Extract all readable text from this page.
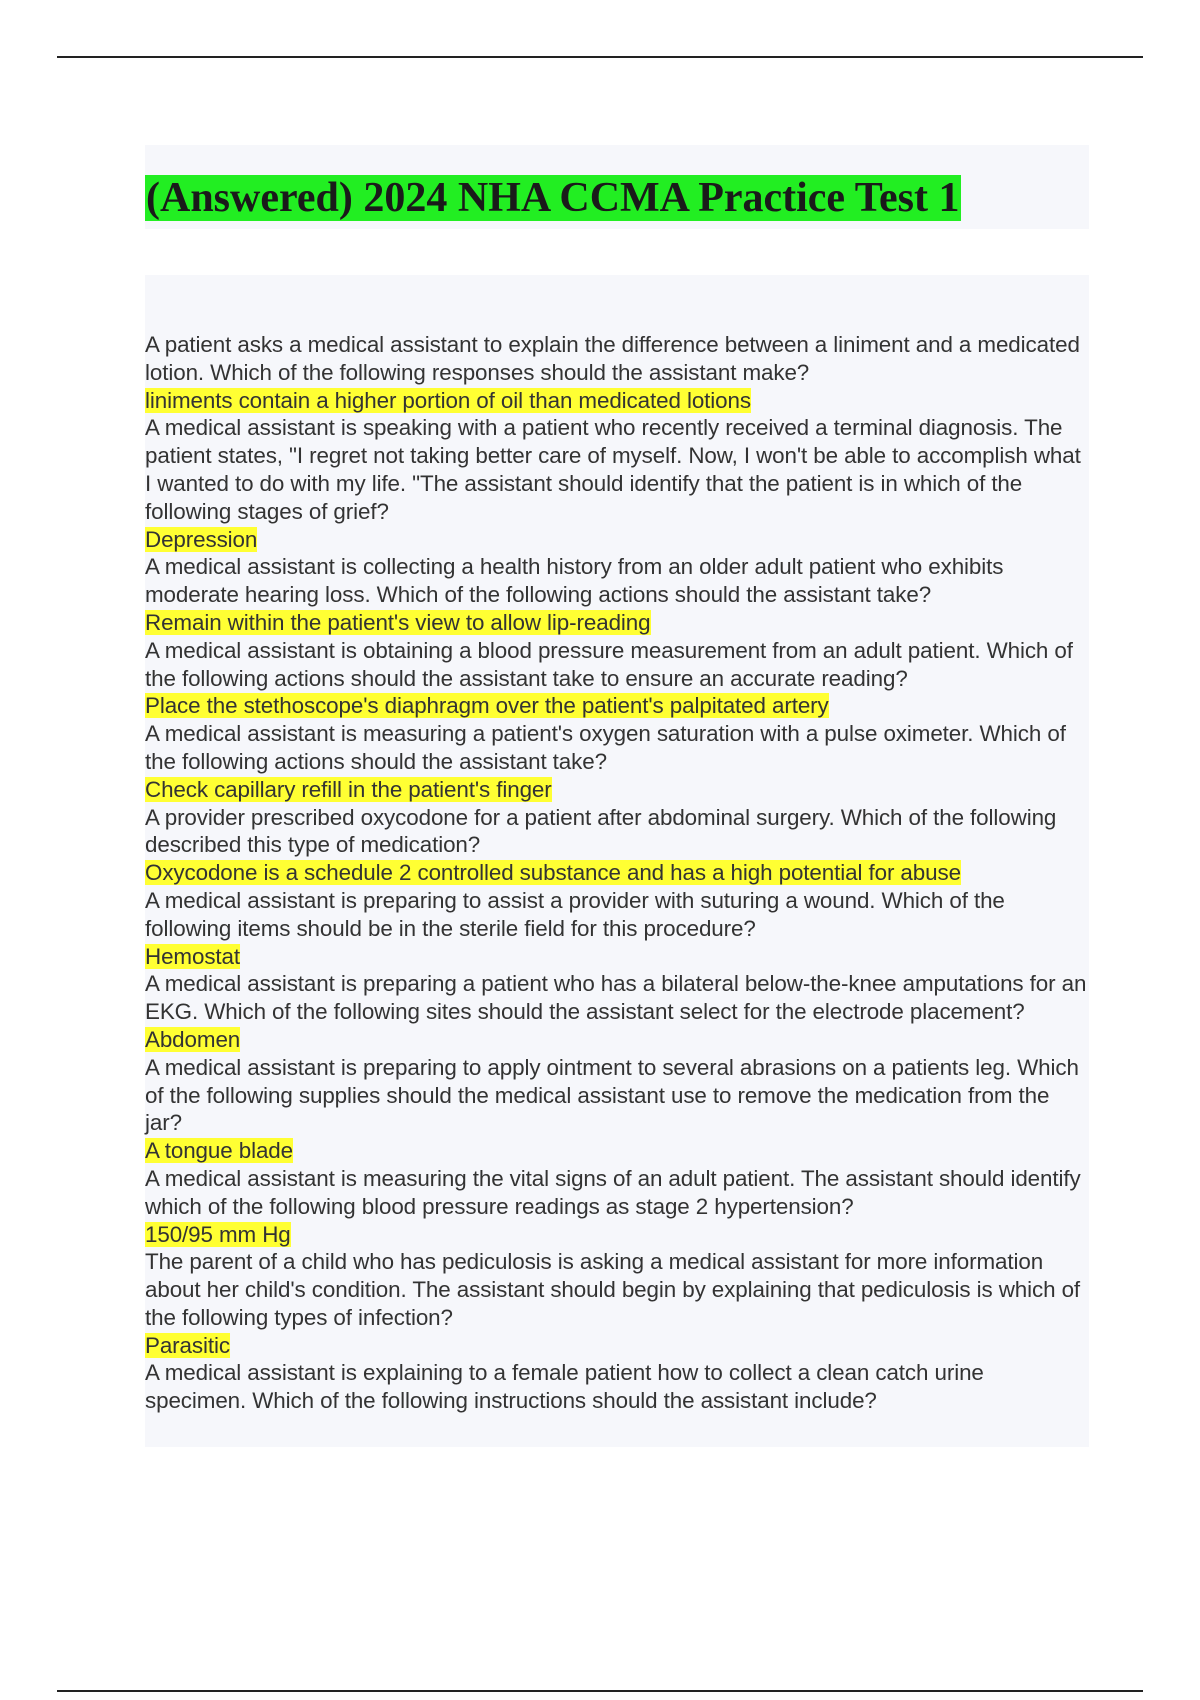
(Answered) 2024 NHA CCMA Practice Test 1
A patient asks a medical assistant to explain the difference between a liniment and a medicated lotion. Which of the following responses should the assistant make?
liniments contain a higher portion of oil than medicated lotions
A medical assistant is speaking with a patient who recently received a terminal diagnosis. The patient states, "I regret not taking better care of myself. Now, I won't be able to accomplish what I wanted to do with my life. "The assistant should identify that the patient is in which of the following stages of grief?
Depression
A medical assistant is collecting a health history from an older adult patient who exhibits moderate hearing loss. Which of the following actions should the assistant take?
Remain within the patient's view to allow lip-reading
A medical assistant is obtaining a blood pressure measurement from an adult patient. Which of the following actions should the assistant take to ensure an accurate reading?
Place the stethoscope's diaphragm over the patient's palpitated artery
A medical assistant is measuring a patient's oxygen saturation with a pulse oximeter. Which of the following actions should the assistant take?
Check capillary refill in the patient's finger
A provider prescribed oxycodone for a patient after abdominal surgery. Which of the following described this type of medication?
Oxycodone is a schedule 2 controlled substance and has a high potential for abuse
A medical assistant is preparing to assist a provider with suturing a wound. Which of the following items should be in the sterile field for this procedure?
Hemostat
A medical assistant is preparing a patient who has a bilateral below-the-knee amputations for an EKG. Which of the following sites should the assistant select for the electrode placement?
Abdomen
A medical assistant is preparing to apply ointment to several abrasions on a patients leg. Which of the following supplies should the medical assistant use to remove the medication from the jar?
A tongue blade
A medical assistant is measuring the vital signs of an adult patient. The assistant should identify which of the following blood pressure readings as stage 2 hypertension?
150/95 mm Hg
The parent of a child who has pediculosis is asking a medical assistant for more information about her child's condition. The assistant should begin by explaining that pediculosis is which of the following types of infection?
Parasitic
A medical assistant is explaining to a female patient how to collect a clean catch urine specimen. Which of the following instructions should the assistant include?
